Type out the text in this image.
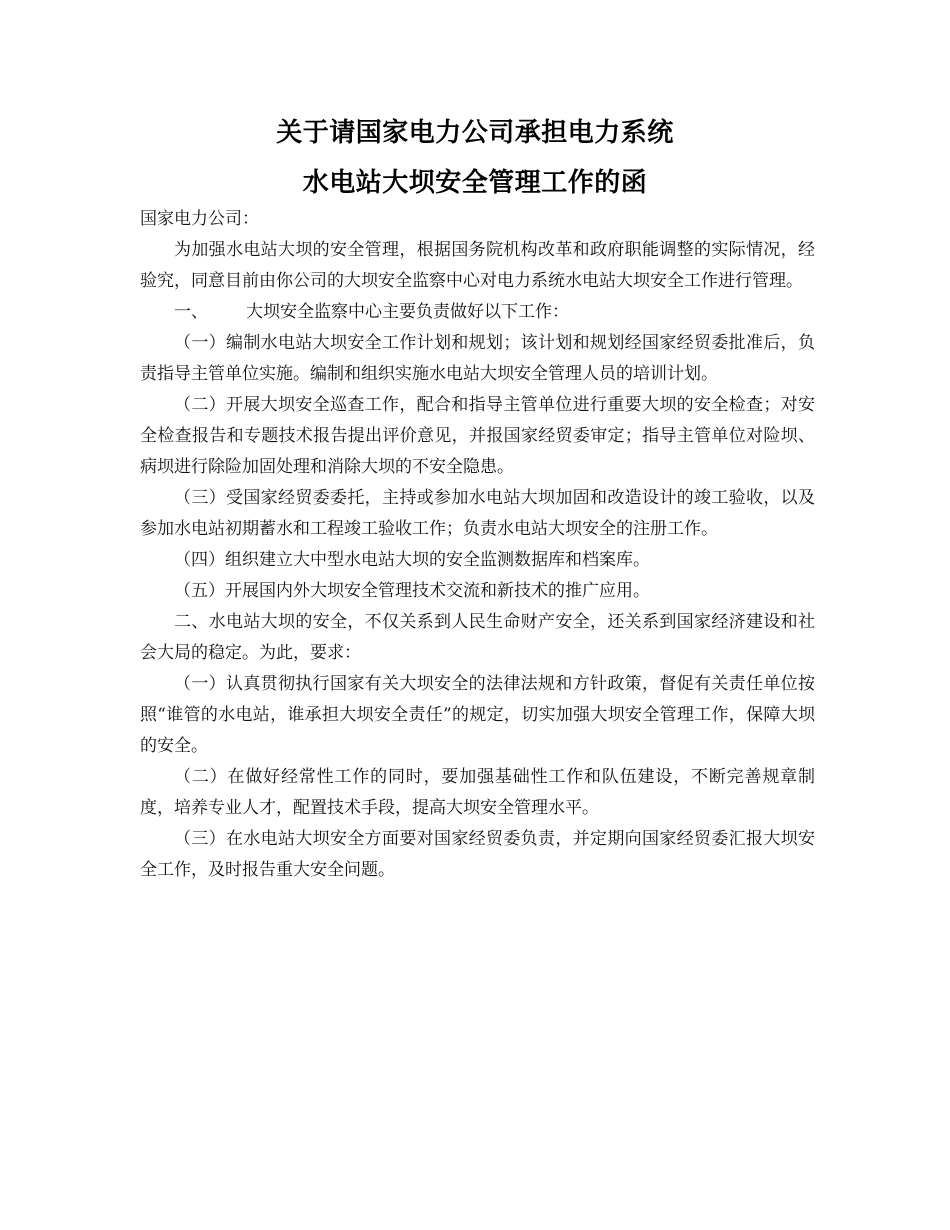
关于请国家电力公司承担电力系统
水电站大坝安全管理工作的函

国家电力公司：

为加强水电站大坝的安全管理，根据国务院机构改革和政府职能调整的实际情况，经验究，同意目前由你公司的大坝安全监察中心对电力系统水电站大坝安全工作进行管理。

一、 大坝安全监察中心主要负责做好以下工作：

（一）编制水电站大坝安全工作计划和规划；该计划和规划经国家经贸委批准后，负责指导主管单位实施。编制和组织实施水电站大坝安全管理人员的培训计划。

（二）开展大坝安全巡查工作，配合和指导主管单位进行重要大坝的安全检查；对安全检查报告和专题技术报告提出评价意见，并报国家经贸委审定；指导主管单位对险坝、病坝进行除险加固处理和消除大坝的不安全隐患。

（三）受国家经贸委委托，主持或参加水电站大坝加固和改造设计的竣工验收，以及参加水电站初期蓄水和工程竣工验收工作；负责水电站大坝安全的注册工作。

（四）组织建立大中型水电站大坝的安全监测数据库和档案库。

（五）开展国内外大坝安全管理技术交流和新技术的推广应用。

二、水电站大坝的安全，不仅关系到人民生命财产安全，还关系到国家经济建设和社会大局的稳定。为此，要求：

（一）认真贯彻执行国家有关大坝安全的法律法规和方针政策，督促有关责任单位按照“谁管的水电站，谁承担大坝安全责任”的规定，切实加强大坝安全管理工作，保障大坝的安全。

（二）在做好经常性工作的同时，要加强基础性工作和队伍建设，不断完善规章制度，培养专业人才，配置技术手段，提高大坝安全管理水平。

（三）在水电站大坝安全方面要对国家经贸委负责，并定期向国家经贸委汇报大坝安全工作，及时报告重大安全问题。
